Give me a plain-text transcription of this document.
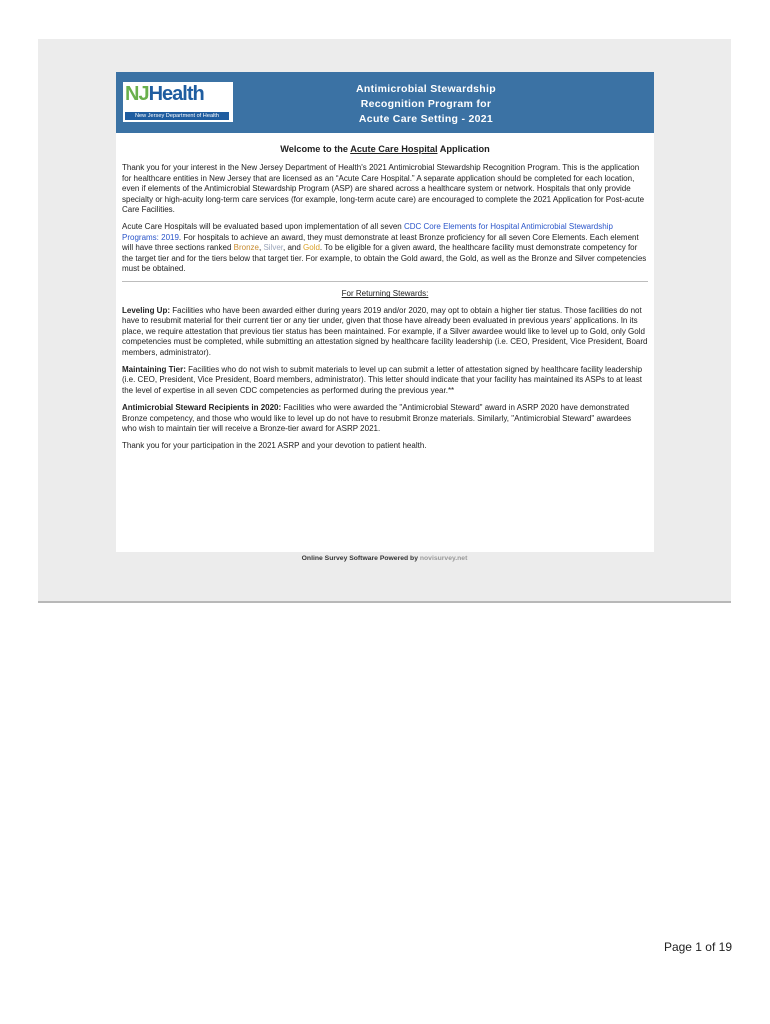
NJHealth
New Jersey Department of Health
Antimicrobial Stewardship
Recognition Program for
Acute Care Setting - 2021
Welcome to the Acute Care Hospital Application

Thank you for your interest in the New Jersey Department of Health's 2021 Antimicrobial Stewardship Recognition Program. This is the application for healthcare entities in New Jersey that are licensed as an “Acute Care Hospital.” A separate application should be completed for each location, even if elements of the Antimicrobial Stewardship Program (ASP) are shared across a healthcare system or network. Hospitals that only provide specialty or high-acuity long-term care services (for example, long-term acute care) are encouraged to complete the 2021 Application for Post-acute Care Facilities.

Acute Care Hospitals will be evaluated based upon implementation of all seven CDC Core Elements for Hospital Antimicrobial Stewardship Programs: 2019. For hospitals to achieve an award, they must demonstrate at least Bronze proficiency for all seven Core Elements. Each element will have three sections ranked Bronze, Silver, and Gold. To be eligible for a given award, the healthcare facility must demonstrate competency for the target tier and for the tiers below that target tier. For example, to obtain the Gold award, the Gold, as well as the Bronze and Silver competencies must be obtained.

For Returning Stewards:

Leveling Up: Facilities who have been awarded either during years 2019 and/or 2020, may opt to obtain a higher tier status. Those facilities do not have to resubmit material for their current tier or any tier under, given that those have already been evaluated in previous years' applications. In its place, we require attestation that previous tier status has been maintained. For example, if a Silver awardee would like to level up to Gold, only Gold competencies must be completed, while submitting an attestation signed by healthcare facility leadership (i.e. CEO, President, Vice President, Board members, administrator).

Maintaining Tier: Facilities who do not wish to submit materials to level up can submit a letter of attestation signed by healthcare facility leadership (i.e. CEO, President, Vice President, Board members, administrator). This letter should indicate that your facility has maintained its ASPs to at least the level of expertise in all seven CDC competencies as performed during the previous year.**

Antimicrobial Steward Recipients in 2020: Facilities who were awarded the "Antimicrobial Steward" award in ASRP 2020 have demonstrated Bronze competency, and those who would like to level up do not have to resubmit Bronze materials. Similarly, "Antimicrobial Steward" awardees who wish to maintain tier will receive a Bronze-tier award for ASRP 2021.

Thank you for your participation in the 2021 ASRP and your devotion to patient health.

Online Survey Software Powered by novisurvey.net
Page 1 of 19
